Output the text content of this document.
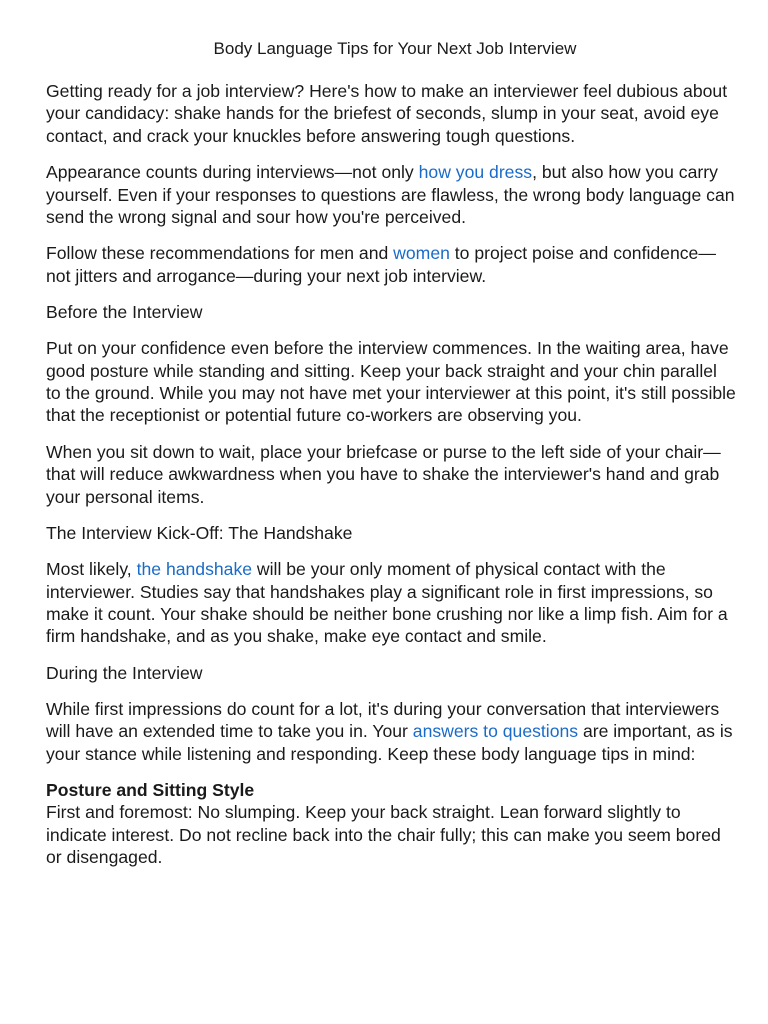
Body Language Tips for Your Next Job Interview

Getting ready for a job interview? Here's how to make an interviewer feel dubious about your candidacy: shake hands for the briefest of seconds, slump in your seat, avoid eye contact, and crack your knuckles before answering tough questions.

Appearance counts during interviews—not only how you dress, but also how you carry yourself. Even if your responses to questions are flawless, the wrong body language can send the wrong signal and sour how you're perceived.

Follow these recommendations for men and women to project poise and confidence—not jitters and arrogance—during your next job interview.

Before the Interview

Put on your confidence even before the interview commences. In the waiting area, have good posture while standing and sitting. Keep your back straight and your chin parallel to the ground. While you may not have met your interviewer at this point, it's still possible that the receptionist or potential future co-workers are observing you.

When you sit down to wait, place your briefcase or purse to the left side of your chair—that will reduce awkwardness when you have to shake the interviewer's hand and grab your personal items.

The Interview Kick-Off: The Handshake

Most likely, the handshake will be your only moment of physical contact with the interviewer. Studies say that handshakes play a significant role in first impressions, so make it count. Your shake should be neither bone crushing nor like a limp fish. Aim for a firm handshake, and as you shake, make eye contact and smile.

During the Interview

While first impressions do count for a lot, it's during your conversation that interviewers will have an extended time to take you in. Your answers to questions are important, as is your stance while listening and responding. Keep these body language tips in mind:

Posture and Sitting Style
First and foremost: No slumping. Keep your back straight. Lean forward slightly to indicate interest. Do not recline back into the chair fully; this can make you seem bored or disengaged.
